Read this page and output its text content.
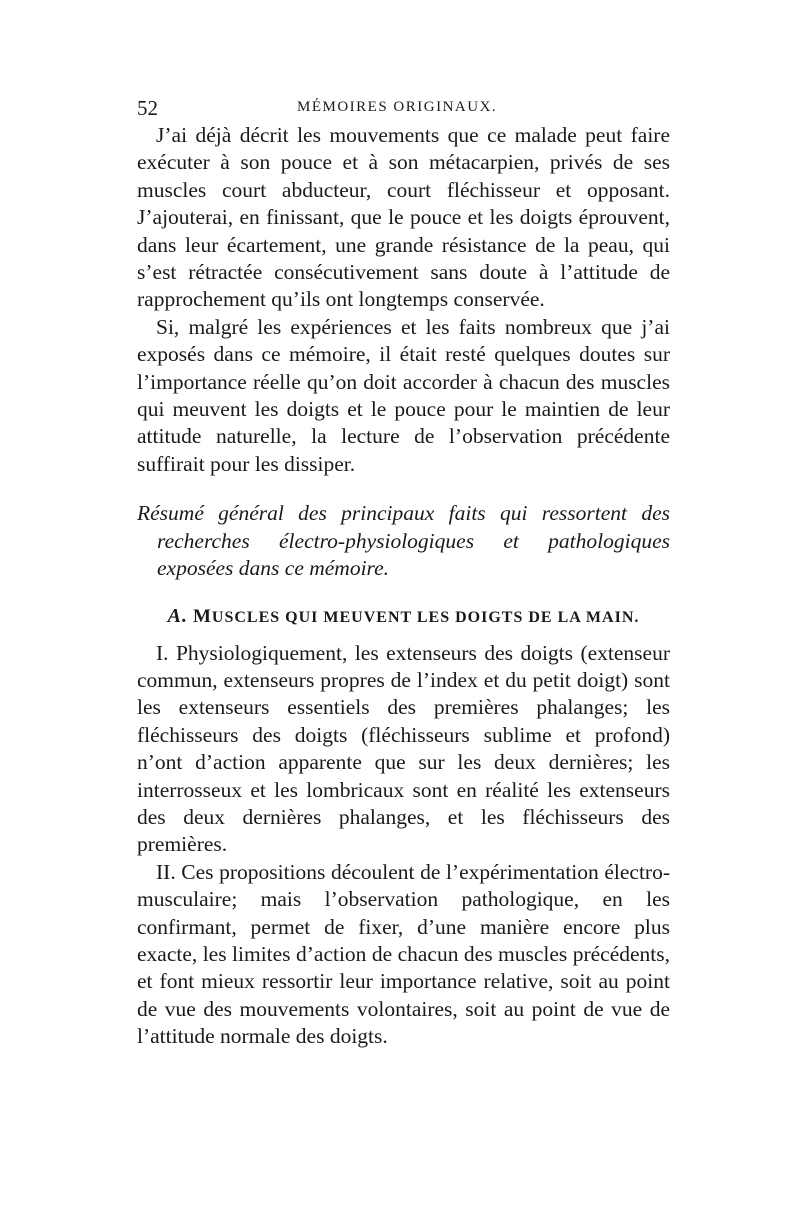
52	MÉMOIRES ORIGINAUX.

J’ai déjà décrit les mouvements que ce malade peut faire exécuter à son pouce et à son métacarpien, privés de ses muscles court abducteur, court fléchisseur et opposant. J’ajouterai, en finissant, que le pouce et les doigts éprouvent, dans leur écartement, une grande résistance de la peau, qui s’est rétractée consécutivement sans doute à l’attitude de rapprochement qu’ils ont longtemps conservée.

Si, malgré les expériences et les faits nombreux que j’ai exposés dans ce mémoire, il était resté quelques doutes sur l’importance réelle qu’on doit accorder à chacun des muscles qui meuvent les doigts et le pouce pour le maintien de leur attitude naturelle, la lecture de l’observation précédente suffirait pour les dissiper.

Résumé général des principaux faits qui ressortent des recherches électro-physiologiques et pathologiques exposées dans ce mémoire.

A. MUSCLES QUI MEUVENT LES DOIGTS DE LA MAIN.

I. Physiologiquement, les extenseurs des doigts (extenseur commun, extenseurs propres de l’index et du petit doigt) sont les extenseurs essentiels des premières phalanges; les fléchisseurs des doigts (fléchisseurs sublime et profond) n’ont d’action apparente que sur les deux dernières; les interrosseux et les lombricaux sont en réalité les extenseurs des deux dernières phalanges, et les fléchisseurs des premières.

II. Ces propositions découlent de l’expérimentation électro-musculaire; mais l’observation pathologique, en les confirmant, permet de fixer, d’une manière encore plus exacte, les limites d’action de chacun des muscles précédents, et font mieux ressortir leur importance relative, soit au point de vue des mouvements volontaires, soit au point de vue de l’attitude normale des doigts.
